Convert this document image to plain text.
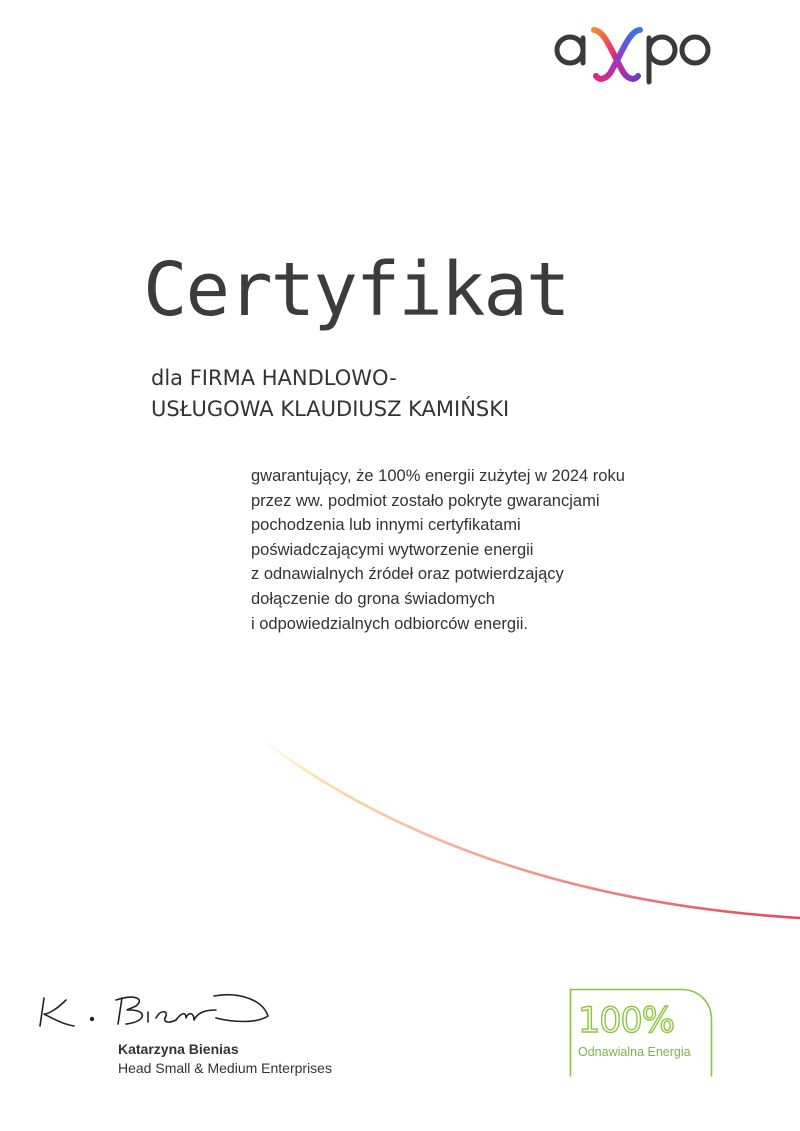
Certyfikat
dla FIRMA HANDLOWO-
USŁUGOWA KLAUDIUSZ KAMIŃSKI
gwarantujący, że 100% energii zużytej w 2024 roku
przez ww. podmiot zostało pokryte gwarancjami
pochodzenia lub innymi certyfikatami
poświadczającymi wytworzenie energii
z odnawialnych źródeł oraz potwierdzający
dołączenie do grona świadomych
i odpowiedzialnych odbiorców energii.
Katarzyna Bienias
Head Small & Medium Enterprises
100%
Odnawialna Energia
